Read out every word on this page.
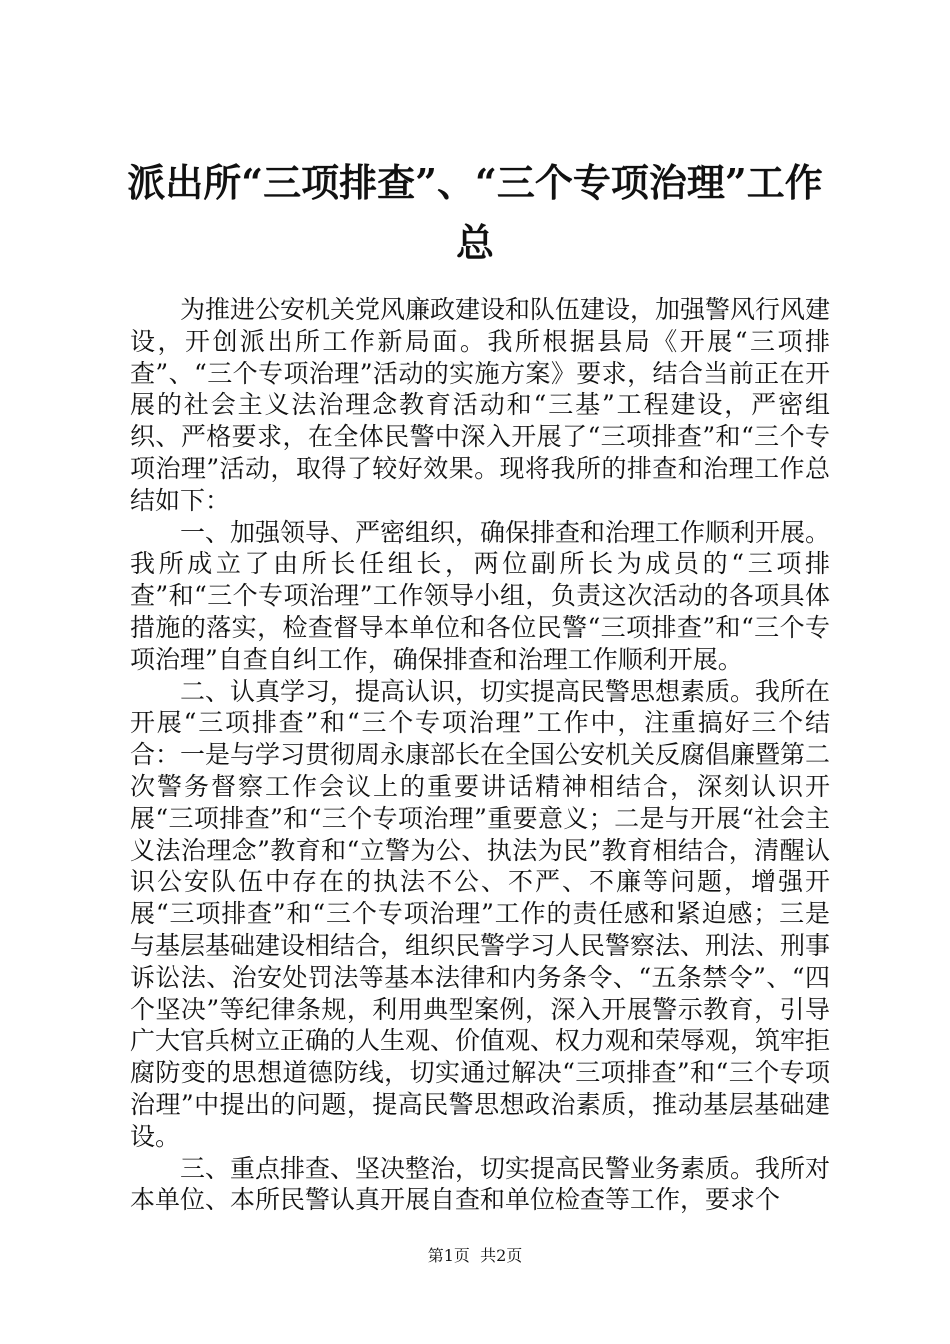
派出所“三项排查”、“三个专项治理”工作
总

为推进公安机关党风廉政建设和队伍建设，加强警风行风建设，开创派出所工作新局面。我所根据县局《开展“三项排查”、“三个专项治理”活动的实施方案》要求，结合当前正在开展的社会主义法治理念教育活动和“三基”工程建设，严密组织、严格要求，在全体民警中深入开展了“三项排查”和“三个专项治理”活动，取得了较好效果。现将我所的排查和治理工作总结如下：

一、加强领导、严密组织，确保排查和治理工作顺利开展。我所成立了由所长任组长，两位副所长为成员的“三项排查”和“三个专项治理”工作领导小组，负责这次活动的各项具体措施的落实，检查督导本单位和各位民警“三项排查”和“三个专项治理”自查自纠工作，确保排查和治理工作顺利开展。

二、认真学习，提高认识，切实提高民警思想素质。我所在开展“三项排查”和“三个专项治理”工作中，注重搞好三个结合：一是与学习贯彻周永康部长在全国公安机关反腐倡廉暨第二次警务督察工作会议上的重要讲话精神相结合，深刻认识开展“三项排查”和“三个专项治理”重要意义；二是与开展“社会主义法治理念”教育和“立警为公、执法为民”教育相结合，清醒认识公安队伍中存在的执法不公、不严、不廉等问题，增强开展“三项排查”和“三个专项治理”工作的责任感和紧迫感；三是与基层基础建设相结合，组织民警学习人民警察法、刑法、刑事诉讼法、治安处罚法等基本法律和内务条令、“五条禁令”、“四个坚决”等纪律条规，利用典型案例，深入开展警示教育，引导广大官兵树立正确的人生观、价值观、权力观和荣辱观，筑牢拒腐防变的思想道德防线，切实通过解决“三项排查”和“三个专项治理”中提出的问题，提高民警思想政治素质，推动基层基础建设。

三、重点排查、坚决整治，切实提高民警业务素质。我所对本单位、本所民警认真开展自查和单位检查等工作，要求个

第1页 共2页
